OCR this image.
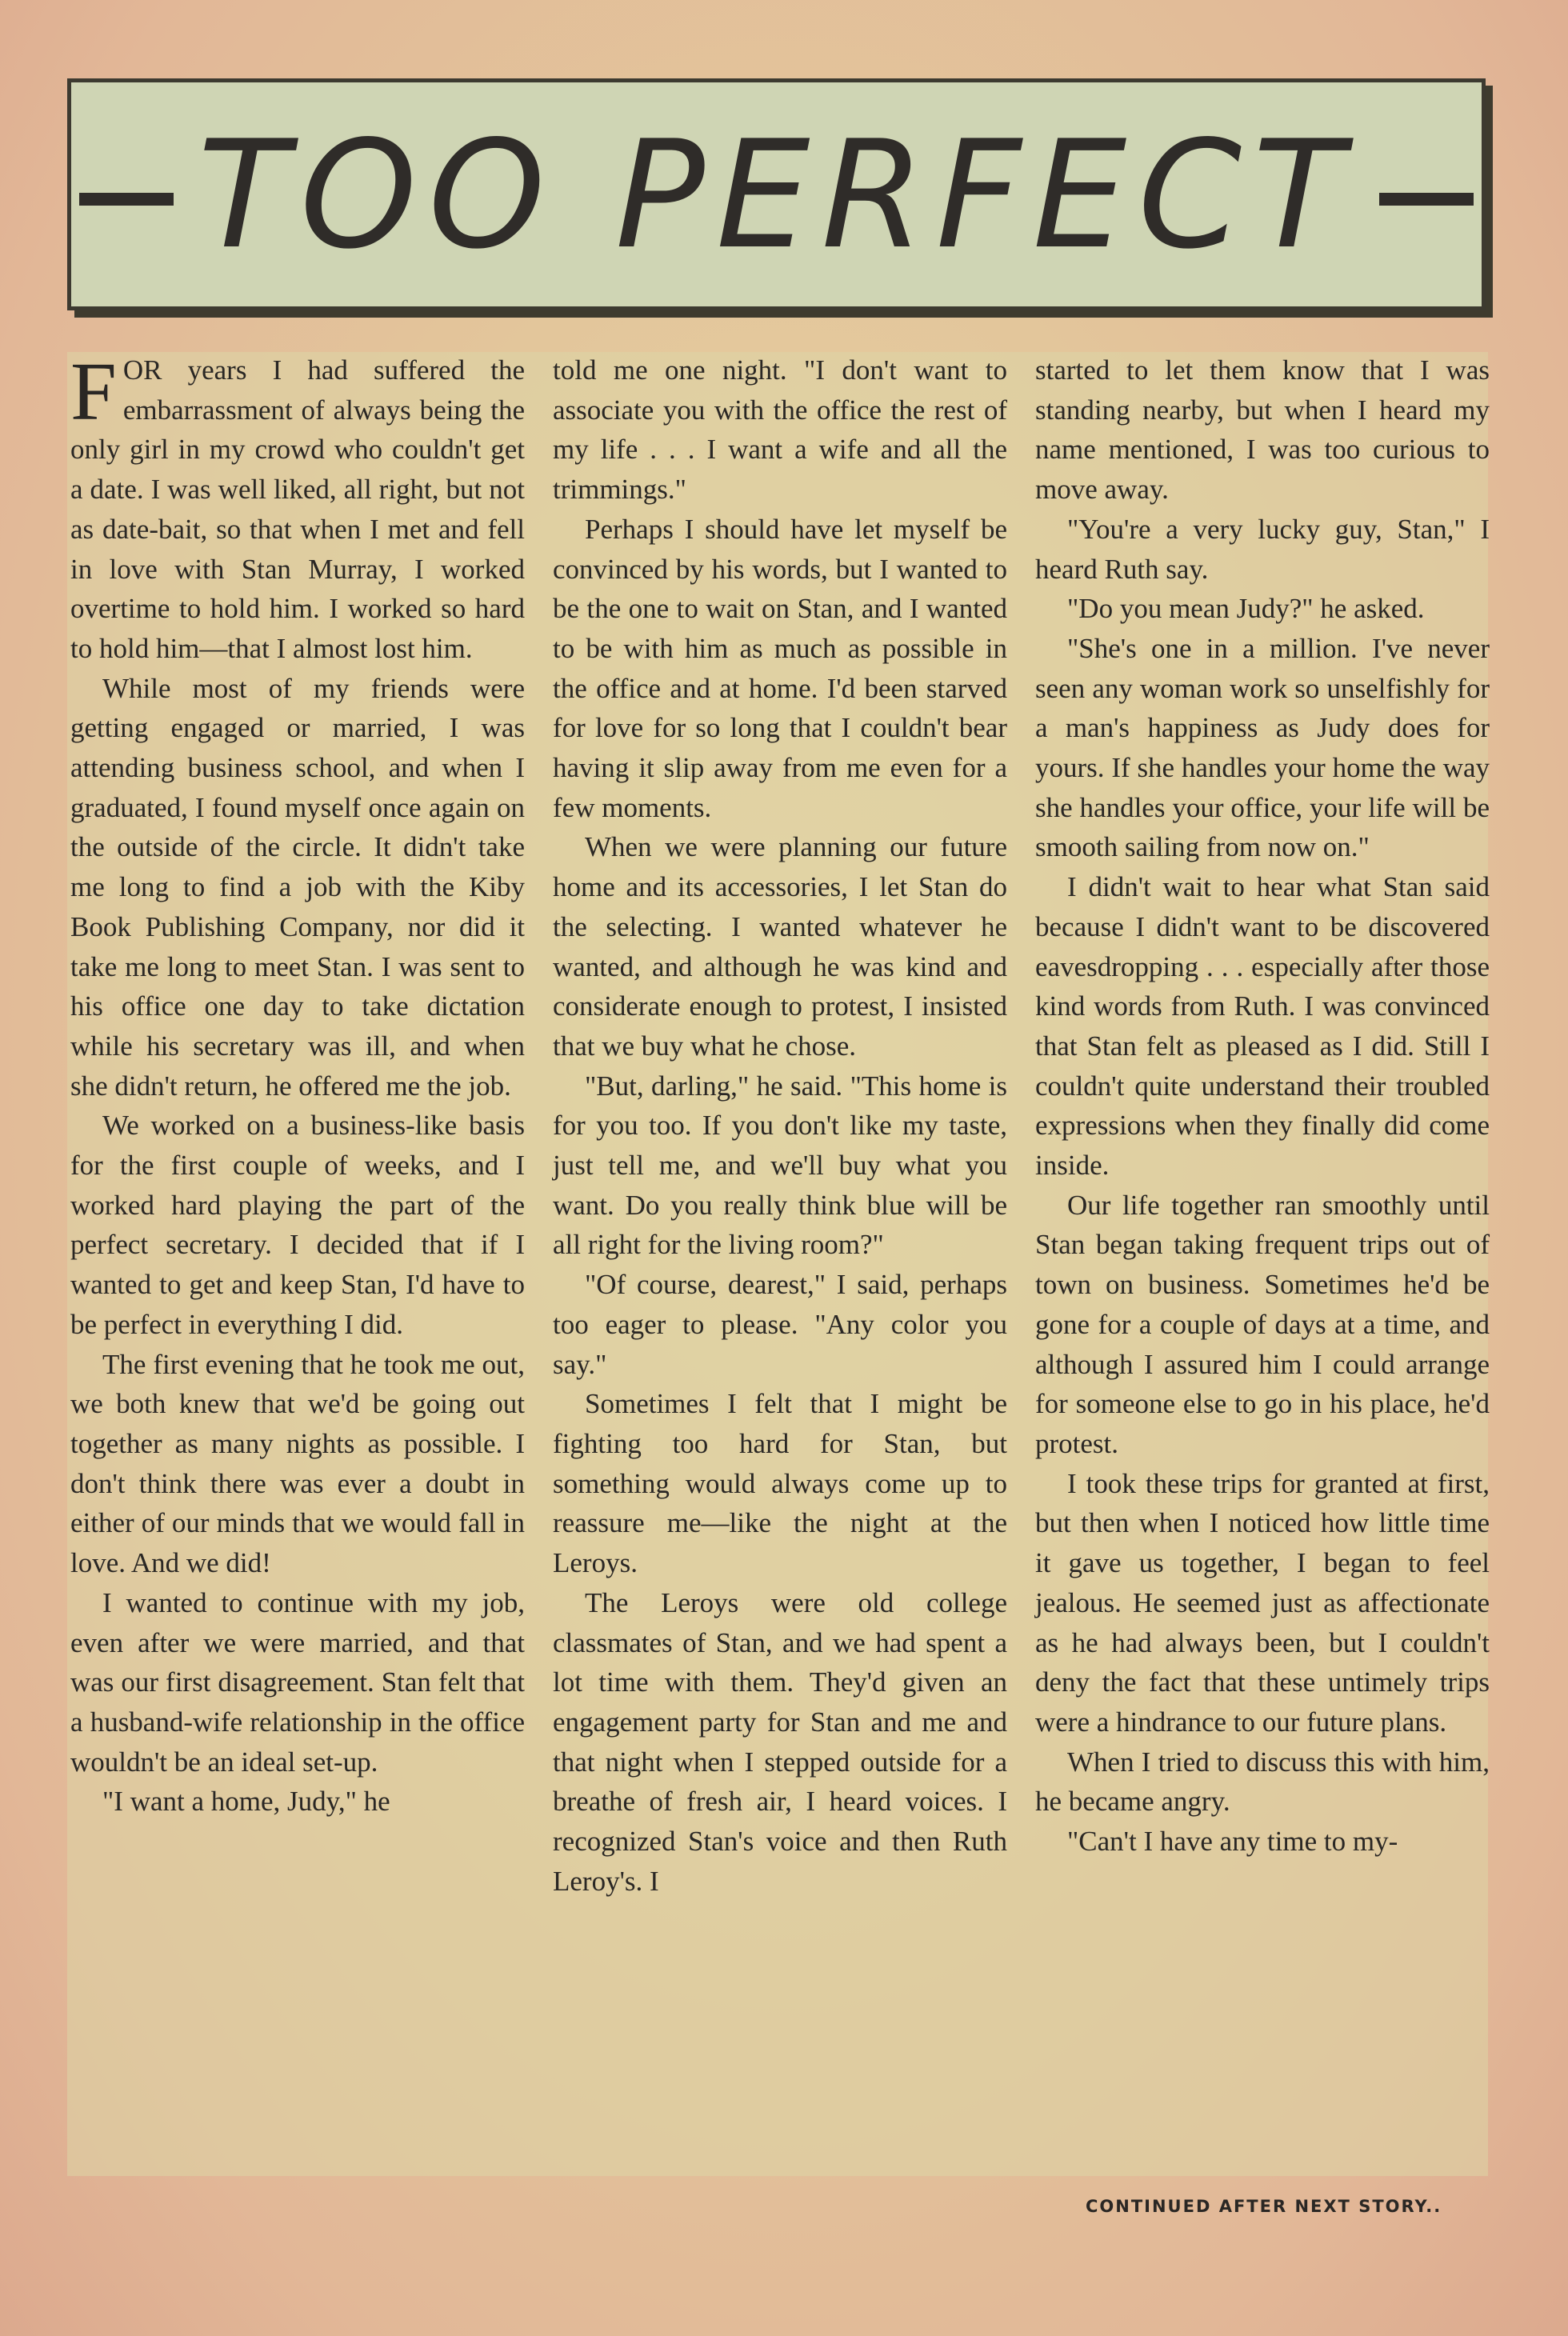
TOO PERFECT

FOR years I had suffered the embarrassment of always being the only girl in my crowd who couldn't get a date. I was well liked, all right, but not as date-bait, so that when I met and fell in love with Stan Murray, I worked overtime to hold him. I worked so hard to hold him—that I almost lost him.

While most of my friends were getting engaged or married, I was attending business school, and when I graduated, I found myself once again on the outside of the circle. It didn't take me long to find a job with the Kiby Book Publishing Company, nor did it take me long to meet Stan. I was sent to his office one day to take dictation while his secretary was ill, and when she didn't return, he offered me the job.

We worked on a business-like basis for the first couple of weeks, and I worked hard playing the part of the perfect secretary. I decided that if I wanted to get and keep Stan, I'd have to be perfect in everything I did.

The first evening that he took me out, we both knew that we'd be going out together as many nights as possible. I don't think there was ever a doubt in either of our minds that we would fall in love. And we did!

I wanted to continue with my job, even after we were married, and that was our first disagreement. Stan felt that a husband-wife relationship in the office wouldn't be an ideal set-up.

"I want a home, Judy," he

told me one night. "I don't want to associate you with the office the rest of my life . . . I want a wife and all the trimmings."

Perhaps I should have let myself be convinced by his words, but I wanted to be the one to wait on Stan, and I wanted to be with him as much as possible in the office and at home. I'd been starved for love for so long that I couldn't bear having it slip away from me even for a few moments.

When we were planning our future home and its accessories, I let Stan do the selecting. I wanted whatever he wanted, and although he was kind and considerate enough to protest, I insisted that we buy what he chose.

"But, darling," he said. "This home is for you too. If you don't like my taste, just tell me, and we'll buy what you want. Do you really think blue will be all right for the living room?"

"Of course, dearest," I said, perhaps too eager to please. "Any color you say."

Sometimes I felt that I might be fighting too hard for Stan, but something would always come up to reassure me—like the night at the Leroys.

The Leroys were old college classmates of Stan, and we had spent a lot time with them. They'd given an engagement party for Stan and me and that night when I stepped outside for a breathe of fresh air, I heard voices. I recognized Stan's voice and then Ruth Leroy's. I

started to let them know that I was standing nearby, but when I heard my name mentioned, I was too curious to move away.

"You're a very lucky guy, Stan," I heard Ruth say.

"Do you mean Judy?" he asked.

"She's one in a million. I've never seen any woman work so unselfishly for a man's happiness as Judy does for yours. If she handles your home the way she handles your office, your life will be smooth sailing from now on."

I didn't wait to hear what Stan said because I didn't want to be discovered eavesdropping . . . especially after those kind words from Ruth. I was convinced that Stan felt as pleased as I did. Still I couldn't quite understand their troubled expressions when they finally did come inside.

Our life together ran smoothly until Stan began taking frequent trips out of town on business. Sometimes he'd be gone for a couple of days at a time, and although I assured him I could arrange for someone else to go in his place, he'd protest.

I took these trips for granted at first, but then when I noticed how little time it gave us together, I began to feel jealous. He seemed just as affectionate as he had always been, but I couldn't deny the fact that these untimely trips were a hindrance to our future plans.

When I tried to discuss this with him, he became angry.

"Can't I have any time to my-

CONTINUED AFTER NEXT STORY..
